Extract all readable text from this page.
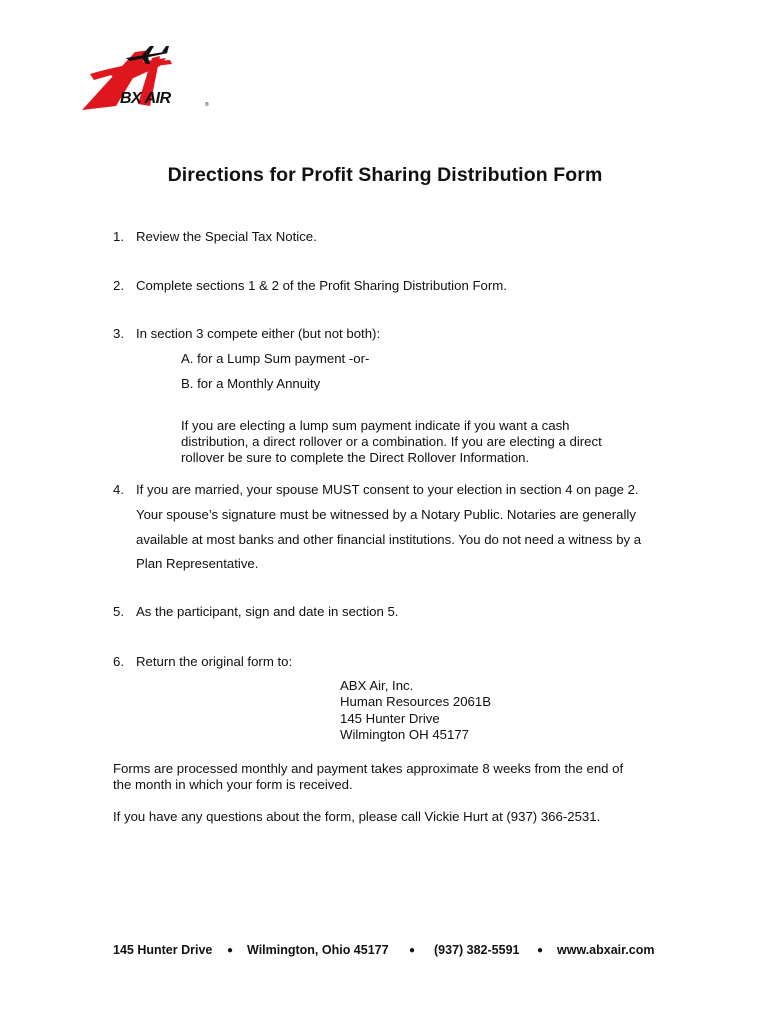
BX AIR	®
Directions for Profit Sharing Distribution Form
1. Review the Special Tax Notice.
2. Complete sections 1 & 2 of the Profit Sharing Distribution Form.
3. In section 3 compete either (but not both):
A. for a Lump Sum payment -or-
B. for a Monthly Annuity
If you are electing a lump sum payment indicate if you want a cash
distribution, a direct rollover or a combination. If you are electing a direct
rollover be sure to complete the Direct Rollover Information.
4. If you are married, your spouse MUST consent to your election in section 4 on page 2.
Your spouse’s signature must be witnessed by a Notary Public. Notaries are generally
available at most banks and other financial institutions. You do not need a witness by a
Plan Representative.
5. As the participant, sign and date in section 5.
6. Return the original form to:
ABX Air, Inc.
Human Resources 2061B
145 Hunter Drive
Wilmington OH 45177
Forms are processed monthly and payment takes approximate 8 weeks from the end of
the month in which your form is received.
If you have any questions about the form, please call Vickie Hurt at (937) 366-2531.
145 Hunter Drive ● Wilmington, Ohio 45177 ● (937) 382-5591 ● www.abxair.com
